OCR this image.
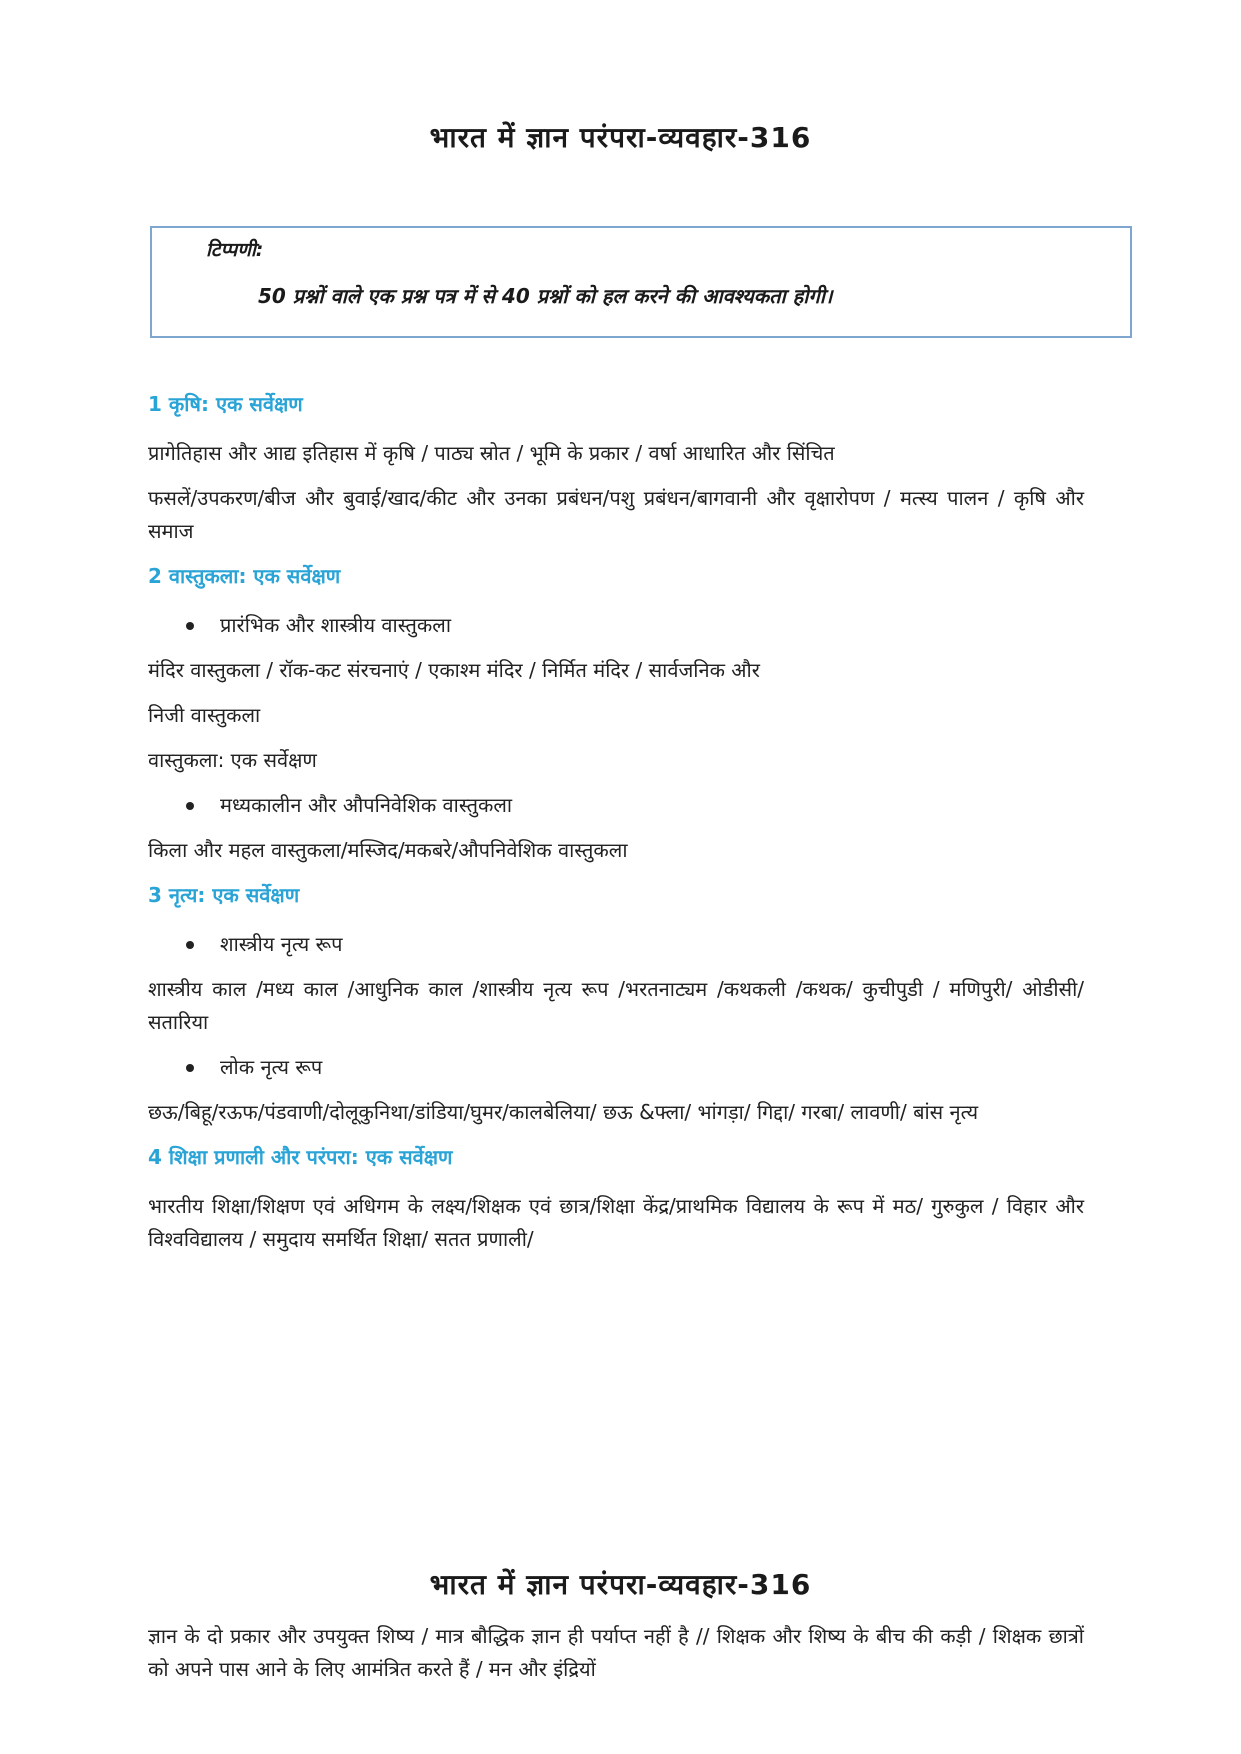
भारत में ज्ञान परंपरा-व्यवहार-316
टिप्पणी:
50 प्रश्नों वाले एक प्रश्न पत्र में से 40 प्रश्नों को हल करने की आवश्यकता होगी।
1 कृषि: एक सर्वेक्षण

प्रागेतिहास और आद्य इतिहास में कृषि / पाठ्य स्रोत / भूमि के प्रकार / वर्षा आधारित और सिंचित

फसलें/उपकरण/बीज और बुवाई/खाद/कीट और उनका प्रबंधन/पशु प्रबंधन/बागवानी और वृक्षारोपण / मत्स्य पालन / कृषि और समाज

2 वास्तुकला: एक सर्वेक्षण
प्रारंभिक और शास्त्रीय वास्तुकला

मंदिर वास्तुकला / रॉक-कट संरचनाएं / एकाश्म मंदिर / निर्मित मंदिर / सार्वजनिक और

निजी वास्तुकला

वास्तुकला: एक सर्वेक्षण

मध्यकालीन और औपनिवेशिक वास्तुकला

किला और महल वास्तुकला/मस्जिद/मकबरे/औपनिवेशिक वास्तुकला

3 नृत्य: एक सर्वेक्षण
शास्त्रीय नृत्य रूप

शास्त्रीय काल /मध्य काल /आधुनिक काल /शास्त्रीय नृत्य रूप /भरतनाट्यम /कथकली /कथक/ कुचीपुडी / मणिपुरी/ ओडीसी/सतारिया

लोक नृत्य रूप

छऊ/बिहू/रऊफ/पंडवाणी/दोलूकुनिथा/डांडिया/घुमर/कालबेलिया/ छऊ &फ्ला/ भांगड़ा/ गिद्दा/ गरबा/ लावणी/ बांस नृत्य

4 शिक्षा प्रणाली और परंपरा: एक सर्वेक्षण

भारतीय शिक्षा/शिक्षण एवं अधिगम के लक्ष्य/शिक्षक एवं छात्र/शिक्षा केंद्र/प्राथमिक विद्यालय के रूप में मठ/ गुरुकुल / विहार और विश्वविद्यालय / समुदाय समर्थित शिक्षा/ सतत प्रणाली/

भारत में ज्ञान परंपरा-व्यवहार-316

ज्ञान के दो प्रकार और उपयुक्त शिष्य / मात्र बौद्धिक ज्ञान ही पर्याप्त नहीं है // शिक्षक और शिष्य के बीच की कड़ी / शिक्षक छात्रों को अपने पास आने के लिए आमंत्रित करते हैं / मन और इंद्रियों
